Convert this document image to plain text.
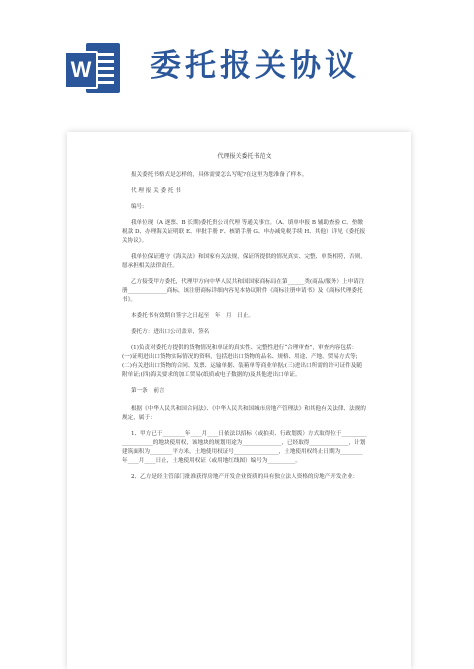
W 委托报关协议

代理报关委托书范文

报关委托书格式是怎样的，具体需要怎么写呢?在这里为您准备了样本。

代 理 报 关 委 托 书

编号:

我单位现（A 逐票、B 长期)委托贵公司代理 等通关事宜。（A、填单申报 B 辅助查验 C、垫缴税款 D、办理海关证明联 E、审批手册 F、核销手册 G、申办减免税手续 H、其他）详见《委托报关协议》。

我单位保证遵守《海关法》和国家有关法规，保证所提供的情况真实、完整、单货相符，否则，愿承担相关法律责任。

乙方接受甲方委托，代理甲方向中华人民共和国国家商标局在第______类(商品/服务）上申请注册______________商标，该注册商标详细内容见本协议附件《商标注册申请书》及《商标代理委托书》。

本委托书有效期自签字之日起至　年　月　日止。

委托方：进出口公司盖章，签名

(1)负责对委托方提供的货物情况和单证的真实性、完整性进行“合理审查”，审查内容包括：(一)证明进出口货物实际情况的资料，包括进出口货物的品名、规格、用途、产地、贸易方式等;(二)有关进出口货物的合同、发票、运输单据、装箱单等商业单据;(三)进出口所需的许可证件及随附单证;(四)海关要求的加工贸易(纸质或电子数据的)及其他进出口单证。

第一条　前言

根据《中华人民共和国合同法》、《中华人民共和国城市房地产管理法》和其他有关法律、法规的规定，属于：

1、甲方已于________年____月____日依法以招标（或拍卖、行政划拨）方式取得位于____________________的地块使用权，该地块的规划用途为______________，已经取得______________，计划建筑面积为________平方米，土地使用权证号________________，土地使用权终止日期为________年____月____日止，土地使用权证（或用地红线图）编号为__________。

2、乙方是经主管部门批准获得房地产开发企业资质的具有独立法人资格的房地产开发企业：
